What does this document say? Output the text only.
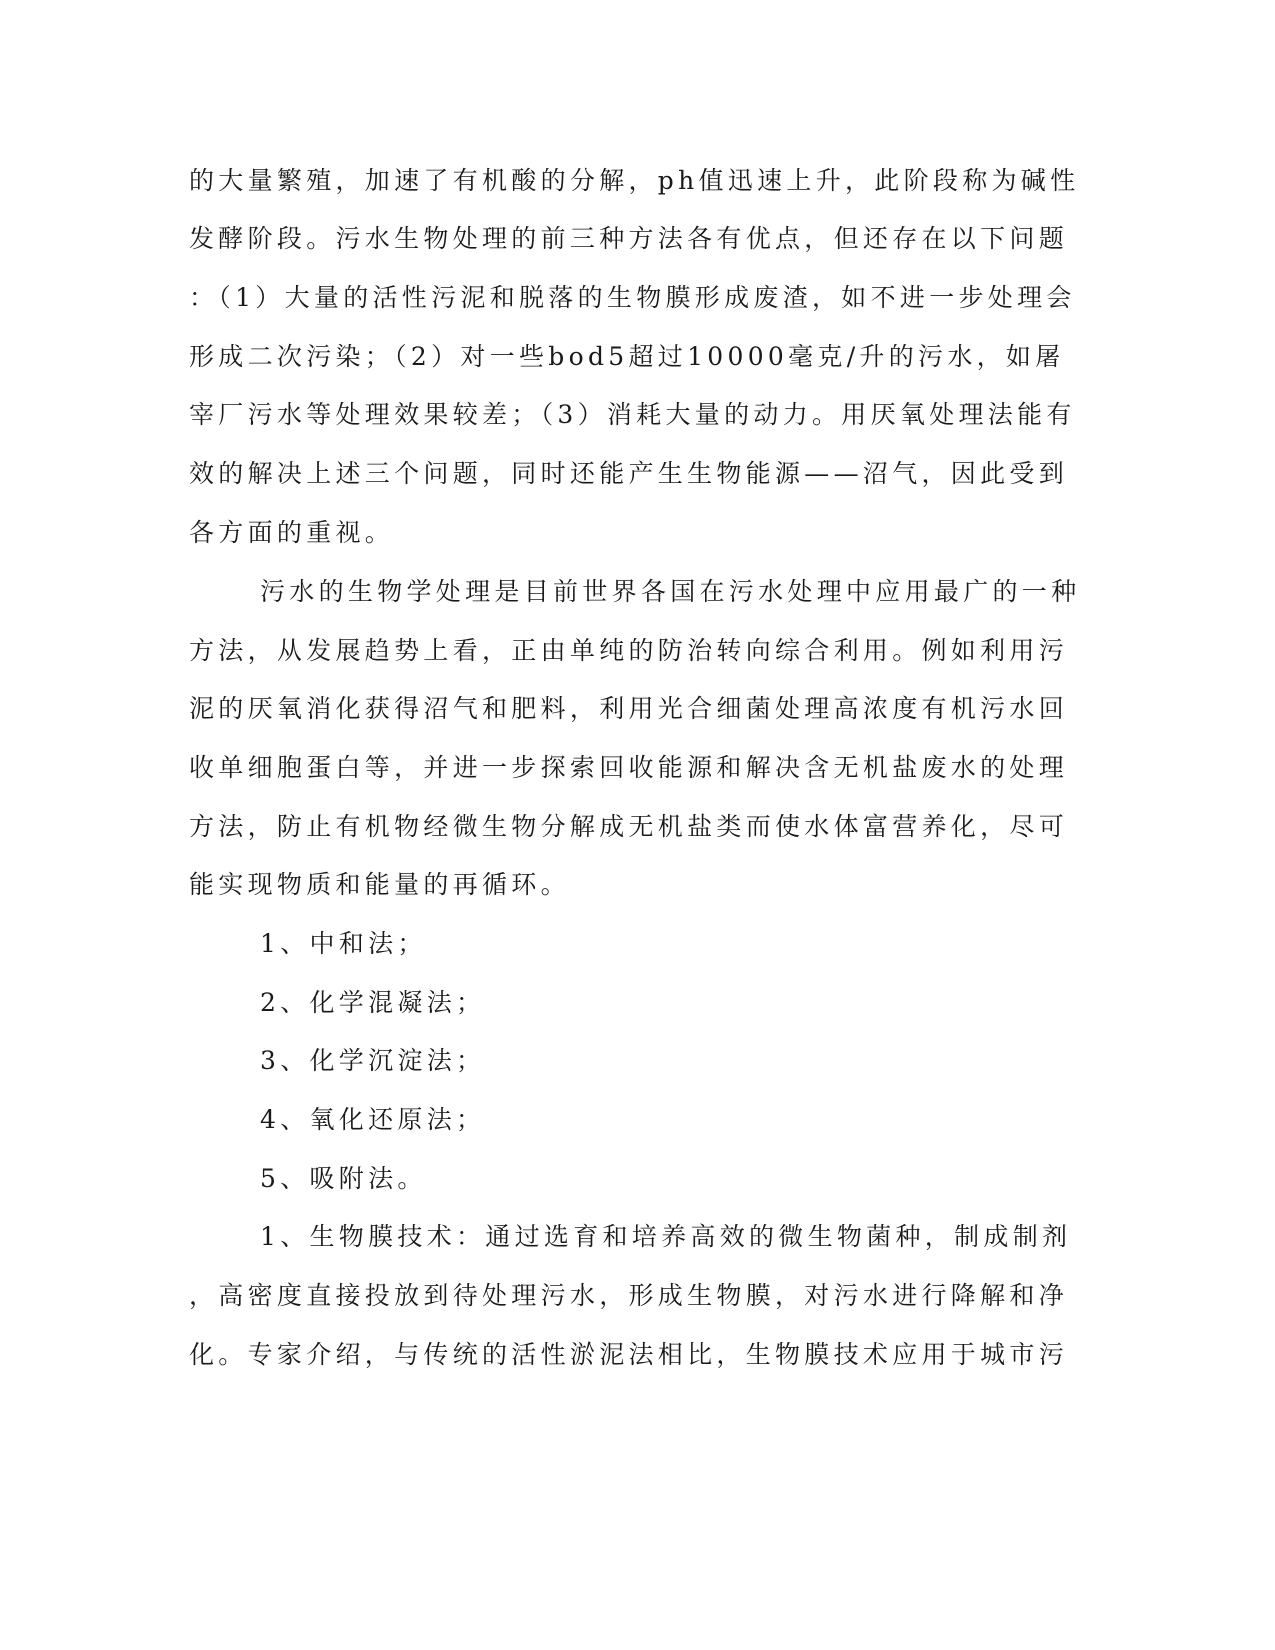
的大量繁殖，加速了有机酸的分解，ph值迅速上升，此阶段称为碱性
发酵阶段。污水生物处理的前三种方法各有优点，但还存在以下问题
：（1）大量的活性污泥和脱落的生物膜形成废渣，如不进一步处理会
形成二次污染；（2）对一些bod5超过10000毫克/升的污水，如屠
宰厂污水等处理效果较差；（3）消耗大量的动力。用厌氧处理法能有
效的解决上述三个问题，同时还能产生生物能源——沼气，因此受到
各方面的重视。
污水的生物学处理是目前世界各国在污水处理中应用最广的一种
方法，从发展趋势上看，正由单纯的防治转向综合利用。例如利用污
泥的厌氧消化获得沼气和肥料，利用光合细菌处理高浓度有机污水回
收单细胞蛋白等，并进一步探索回收能源和解决含无机盐废水的处理
方法，防止有机物经微生物分解成无机盐类而使水体富营养化，尽可
能实现物质和能量的再循环。
1、中和法；
2、化学混凝法；
3、化学沉淀法；
4、氧化还原法；
5、吸附法。
1、生物膜技术：通过选育和培养高效的微生物菌种，制成制剂
，高密度直接投放到待处理污水，形成生物膜，对污水进行降解和净
化。专家介绍，与传统的活性淤泥法相比，生物膜技术应用于城市污
